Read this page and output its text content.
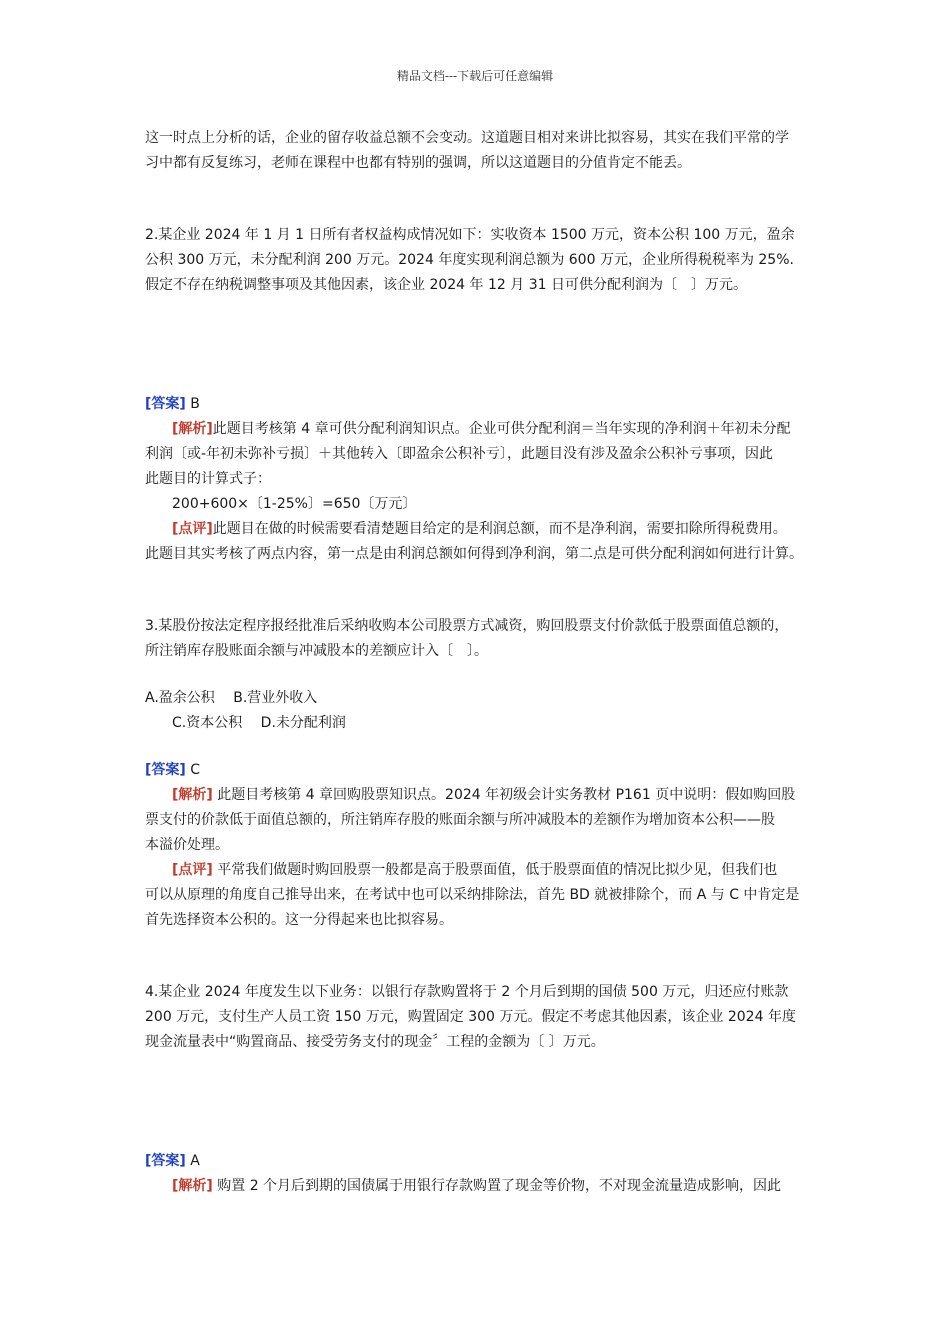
精品文档---下载后可任意编辑
这一时点上分析的话，企业的留存收益总额不会变动。这道题目相对来讲比拟容易，其实在我们平常的学
习中都有反复练习，老师在课程中也都有特别的强调，所以这道题目的分值肯定不能丢。
2.某企业 2024 年 1 月 1 日所有者权益构成情况如下：实收资本 1500 万元，资本公积 100 万元，盈余
公积 300 万元，未分配利润 200 万元。2024 年度实现利润总额为 600 万元，企业所得税税率为 25%.
假定不存在纳税调整事项及其他因素，该企业 2024 年 12 月 31 日可供分配利润为〔　〕万元。
[答案] B
[解析]此题目考核第 4 章可供分配利润知识点。企业可供分配利润＝当年实现的净利润＋年初未分配
利润〔或-年初未弥补亏损〕＋其他转入〔即盈余公积补亏〕，此题目没有涉及盈余公积补亏事项，因此
此题目的计算式子：
200+600×〔1-25%〕=650〔万元〕
[点评]此题目在做的时候需要看清楚题目给定的是利润总额，而不是净利润，需要扣除所得税费用。
此题目其实考核了两点内容，第一点是由利润总额如何得到净利润，第二点是可供分配利润如何进行计算。
3.某股份按法定程序报经批准后采纳收购本公司股票方式减资，购回股票支付价款低于股票面值总额的，
所注销库存股账面余额与冲减股本的差额应计入〔　〕。
A.盈余公积　 B.营业外收入
C.资本公积　 D.未分配利润
[答案] C
[解析] 此题目考核第 4 章回购股票知识点。2024 年初级会计实务教材 P161 页中说明：假如购回股
票支付的价款低于面值总额的，所注销库存股的账面余额与所冲减股本的差额作为增加资本公积——股
本溢价处理。
[点评] 平常我们做题时购回股票一般都是高于股票面值，低于股票面值的情况比拟少见，但我们也
可以从原理的角度自己推导出来，在考试中也可以采纳排除法，首先 BD 就被排除个，而 A 与 C 中肯定是
首先选择资本公积的。这一分得起来也比拟容易。
4.某企业 2024 年度发生以下业务：以银行存款购置将于 2 个月后到期的国债 500 万元，归还应付账款
200 万元，支付生产人员工资 150 万元，购置固定 300 万元。假定不考虑其他因素，该企业 2024 年度
现金流量表中“购置商品、接受劳务支付的现金〞工程的金额为〔 〕万元。
[答案] A
[解析] 购置 2 个月后到期的国债属于用银行存款购置了现金等价物，不对现金流量造成影响，因此
